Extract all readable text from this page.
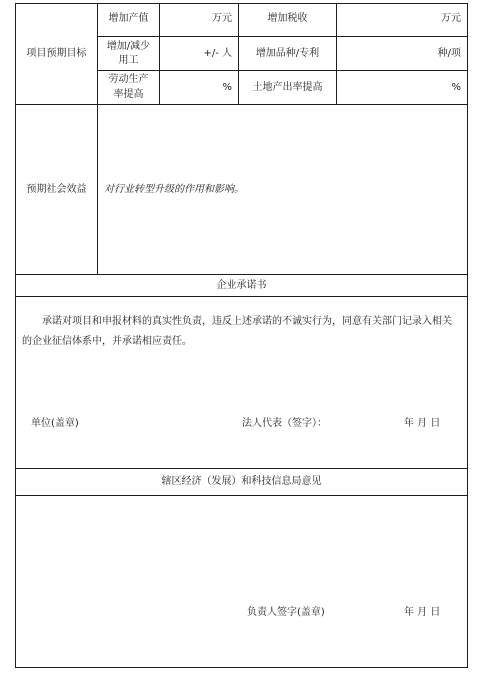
项目预期目标
增加产值	万元	增加税收	万元
增加/减少
用工
+/- 人	增加品种/专利	种/项
劳动生产
率提高
%	土地产出率提高	%
预期社会效益	对行业转型升级的作用和影响。
企业承诺书
承诺对项目和申报材料的真实性负责，违反上述承诺的不诚实行为，同意有关部门记录入相关的企业征信体系中，并承诺相应责任。
单位(盖章)	法人代表（签字）：	年 月 日
辖区经济（发展）和科技信息局意见
负责人签字(盖章)	年 月 日
